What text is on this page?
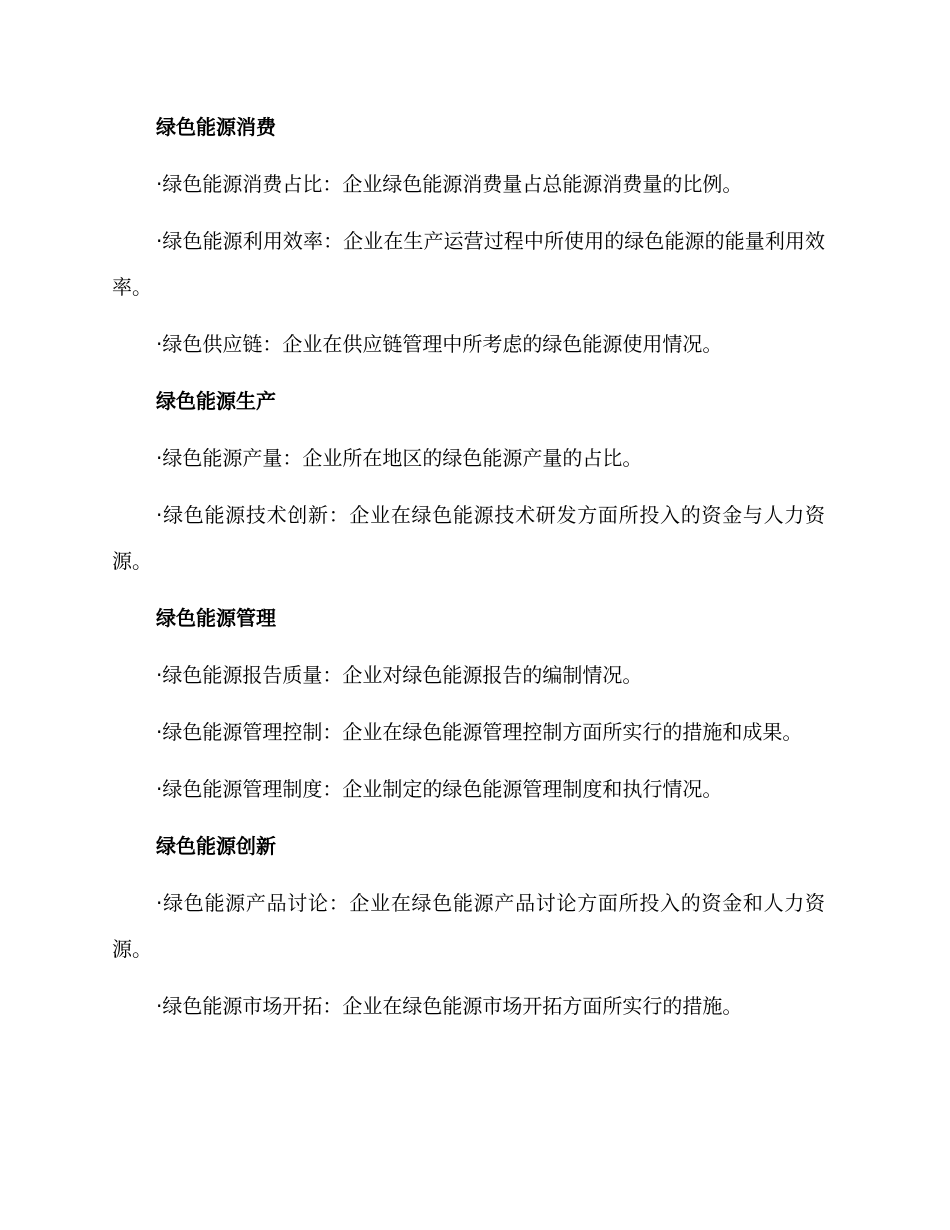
绿色能源消费

·绿色能源消费占比：企业绿色能源消费量占总能源消费量的比例。

·绿色能源利用效率：企业在生产运营过程中所使用的绿色能源的能量利用效率。

·绿色供应链：企业在供应链管理中所考虑的绿色能源使用情况。

绿色能源生产

·绿色能源产量：企业所在地区的绿色能源产量的占比。

·绿色能源技术创新：企业在绿色能源技术研发方面所投入的资金与人力资源。

绿色能源管理

·绿色能源报告质量：企业对绿色能源报告的编制情况。

·绿色能源管理控制：企业在绿色能源管理控制方面所实行的措施和成果。

·绿色能源管理制度：企业制定的绿色能源管理制度和执行情况。

绿色能源创新

·绿色能源产品讨论：企业在绿色能源产品讨论方面所投入的资金和人力资源。

·绿色能源市场开拓：企业在绿色能源市场开拓方面所实行的措施。
